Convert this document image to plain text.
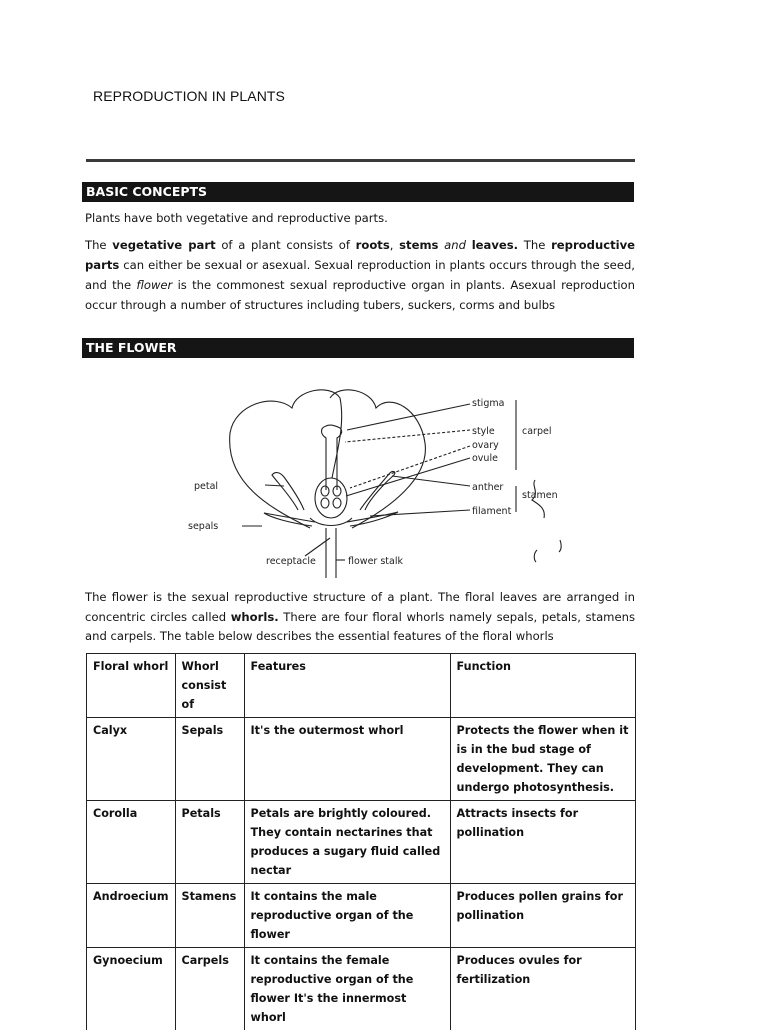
REPRODUCTION IN PLANTS
BASIC CONCEPTS
Plants have both vegetative and reproductive parts.
The vegetative part of a plant consists of roots, stems and leaves. The reproductive parts can either be sexual or asexual. Sexual reproduction in plants occurs through the seed, and the flower is the commonest sexual reproductive organ in plants. Asexual reproduction occur through a number of structures including tubers, suckers, corms and bulbs
THE FLOWER
stigma
style
ovary
ovule
anther
filament
carpel
stamen
petal
sepals
receptacle	flower stalk
The flower is the sexual reproductive structure of a plant. The floral leaves are arranged in concentric circles called whorls. There are four floral whorls namely sepals, petals, stamens and carpels. The table below describes the essential features of the floral whorls
Floral whorl	Whorl consist of	Features	Function
Calyx	Sepals	It's the outermost whorl	Protects the flower when it is in the bud stage of development. They can undergo photosynthesis.
Corolla	Petals	Petals are brightly coloured. They contain nectarines that produces a sugary fluid called nectar	Attracts insects for pollination
Androecium	Stamens	It contains the male reproductive organ of the flower	Produces pollen grains for pollination
Gynoecium	Carpels	It contains the female reproductive organ of the flower It's the innermost whorl	Produces ovules for fertilization
